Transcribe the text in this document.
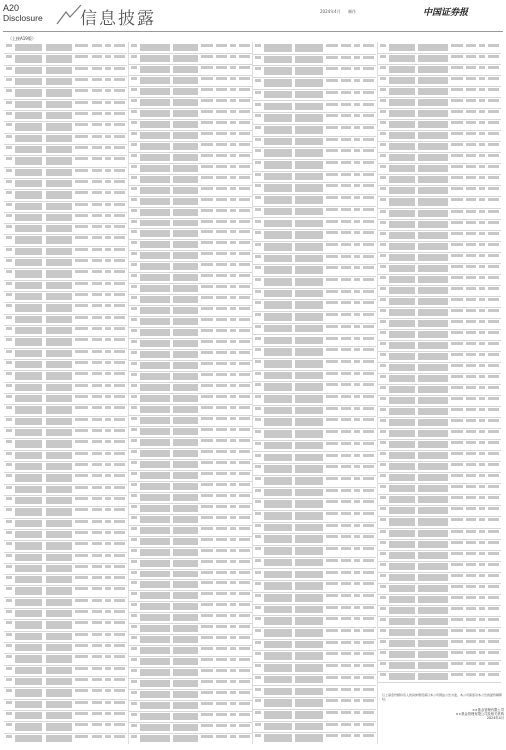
A20
Disclosure 信息披露	2024年4月 制作	中国证券报
（上接A19版）
以上基金份额持有人的具体情况请以本公司网站公告为准，本公司保留对本公告的最终解释权。
××基金管理有限公司
××基金管理有限公司及相关机构
2024年4月
